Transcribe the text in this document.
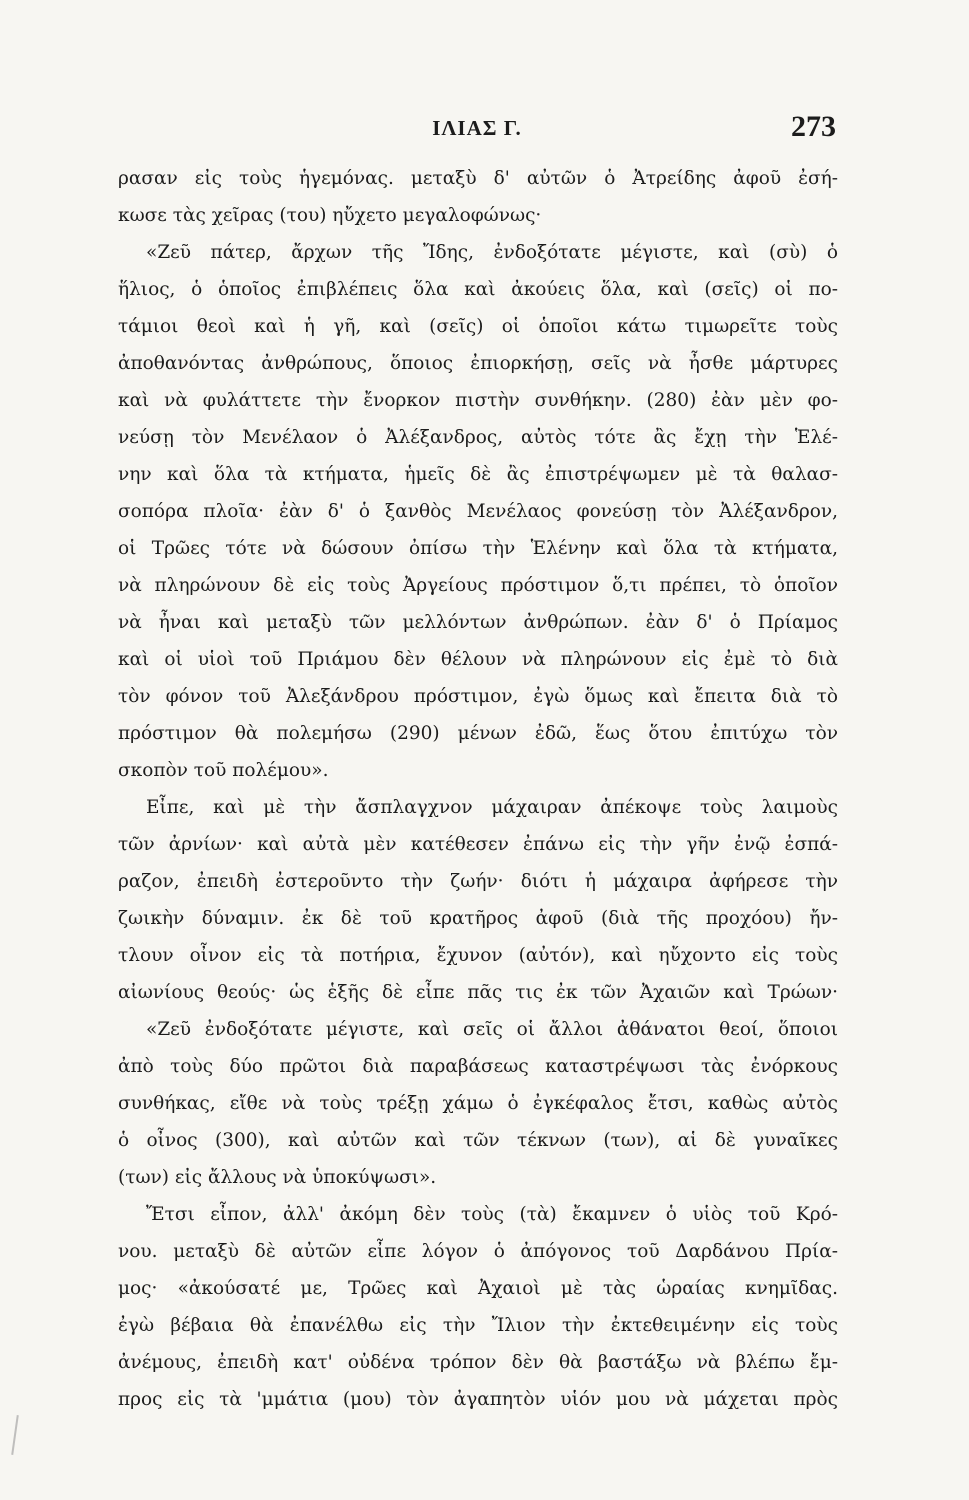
ΙΛΙΑΣ Γ.	273
ρασαν εἰς τοὺς ἡγεμόνας. μεταξὺ δ' αὐτῶν ὁ Ἀτρείδης ἀφοῦ ἐσή-
κωσε τὰς χεῖρας (του) ηὔχετο μεγαλοφώνως·
«Ζεῦ πάτερ, ἄρχων τῆς Ἴδης, ἐνδοξότατε μέγιστε, καὶ (σὺ) ὁ
ἥλιος, ὁ ὁποῖος ἐπιβλέπεις ὅλα καὶ ἀκούεις ὅλα, καὶ (σεῖς) οἱ πο-
τάμιοι θεοὶ καὶ ἡ γῆ, καὶ (σεῖς) οἱ ὁποῖοι κάτω τιμωρεῖτε τοὺς
ἀποθανόντας ἀνθρώπους, ὅποιος ἐπιορκήσῃ, σεῖς νὰ ἦσθε μάρτυρες
καὶ νὰ φυλάττετε τὴν ἔνορκον πιστὴν συνθήκην. (280) ἐὰν μὲν φο-
νεύσῃ τὸν Μενέλαον ὁ Ἀλέξανδρος, αὐτὸς τότε ἂς ἔχῃ τὴν Ἑλέ-
νην καὶ ὅλα τὰ κτήματα, ἡμεῖς δὲ ἂς ἐπιστρέψωμεν μὲ τὰ θαλασ-
σοπόρα πλοῖα· ἐὰν δ' ὁ ξανθὸς Μενέλαος φονεύσῃ τὸν Ἀλέξανδρον,
οἱ Τρῶες τότε νὰ δώσουν ὀπίσω τὴν Ἑλένην καὶ ὅλα τὰ κτήματα,
νὰ πληρώνουν δὲ εἰς τοὺς Ἀργείους πρόστιμον ὅ,τι πρέπει, τὸ ὁποῖον
νὰ ἦναι καὶ μεταξὺ τῶν μελλόντων ἀνθρώπων. ἐὰν δ' ὁ Πρίαμος
καὶ οἱ υἱοὶ τοῦ Πριάμου δὲν θέλουν νὰ πληρώνουν εἰς ἐμὲ τὸ διὰ
τὸν φόνον τοῦ Ἀλεξάνδρου πρόστιμον, ἐγὼ ὅμως καὶ ἔπειτα διὰ τὸ
πρόστιμον θὰ πολεμήσω (290) μένων ἐδῶ, ἕως ὅτου ἐπιτύχω τὸν
σκοπὸν τοῦ πολέμου».
Εἶπε, καὶ μὲ τὴν ἄσπλαγχνον μάχαιραν ἀπέκοψε τοὺς λαιμοὺς
τῶν ἀρνίων· καὶ αὐτὰ μὲν κατέθεσεν ἐπάνω εἰς τὴν γῆν ἐνῷ ἐσπά-
ραζον, ἐπειδὴ ἐστεροῦντο τὴν ζωήν· διότι ἡ μάχαιρα ἀφήρεσε τὴν
ζωικὴν δύναμιν. ἐκ δὲ τοῦ κρατῆρος ἀφοῦ (διὰ τῆς προχόου) ἤν-
τλουν οἶνον εἰς τὰ ποτήρια, ἔχυνον (αὐτόν), καὶ ηὔχοντο εἰς τοὺς
αἰωνίους θεούς· ὡς ἑξῆς δὲ εἶπε πᾶς τις ἐκ τῶν Ἀχαιῶν καὶ Τρώων·
«Ζεῦ ἐνδοξότατε μέγιστε, καὶ σεῖς οἱ ἄλλοι ἀθάνατοι θεοί, ὅποιοι
ἀπὸ τοὺς δύο πρῶτοι διὰ παραβάσεως καταστρέψωσι τὰς ἐνόρκους
συνθήκας, εἴθε νὰ τοὺς τρέξῃ χάμω ὁ ἐγκέφαλος ἔτσι, καθὼς αὐτὸς
ὁ οἶνος (300), καὶ αὐτῶν καὶ τῶν τέκνων (των), αἱ δὲ γυναῖκες
(των) εἰς ἄλλους νὰ ὑποκύψωσι».
Ἔτσι εἶπον, ἀλλ' ἀκόμη δὲν τοὺς (τὰ) ἔκαμνεν ὁ υἱὸς τοῦ Κρό-
νου. μεταξὺ δὲ αὐτῶν εἶπε λόγον ὁ ἀπόγονος τοῦ Δαρδάνου Πρία-
μος· «ἀκούσατέ με, Τρῶες καὶ Ἀχαιοὶ μὲ τὰς ὡραίας κνημῖδας.
ἐγὼ βέβαια θὰ ἐπανέλθω εἰς τὴν Ἴλιον τὴν ἐκτεθειμένην εἰς τοὺς
ἀνέμους, ἐπειδὴ κατ' οὐδένα τρόπον δὲν θὰ βαστάξω νὰ βλέπω ἔμ-
προς εἰς τὰ 'μμάτια (μου) τὸν ἀγαπητὸν υἱόν μου νὰ μάχεται πρὸς
